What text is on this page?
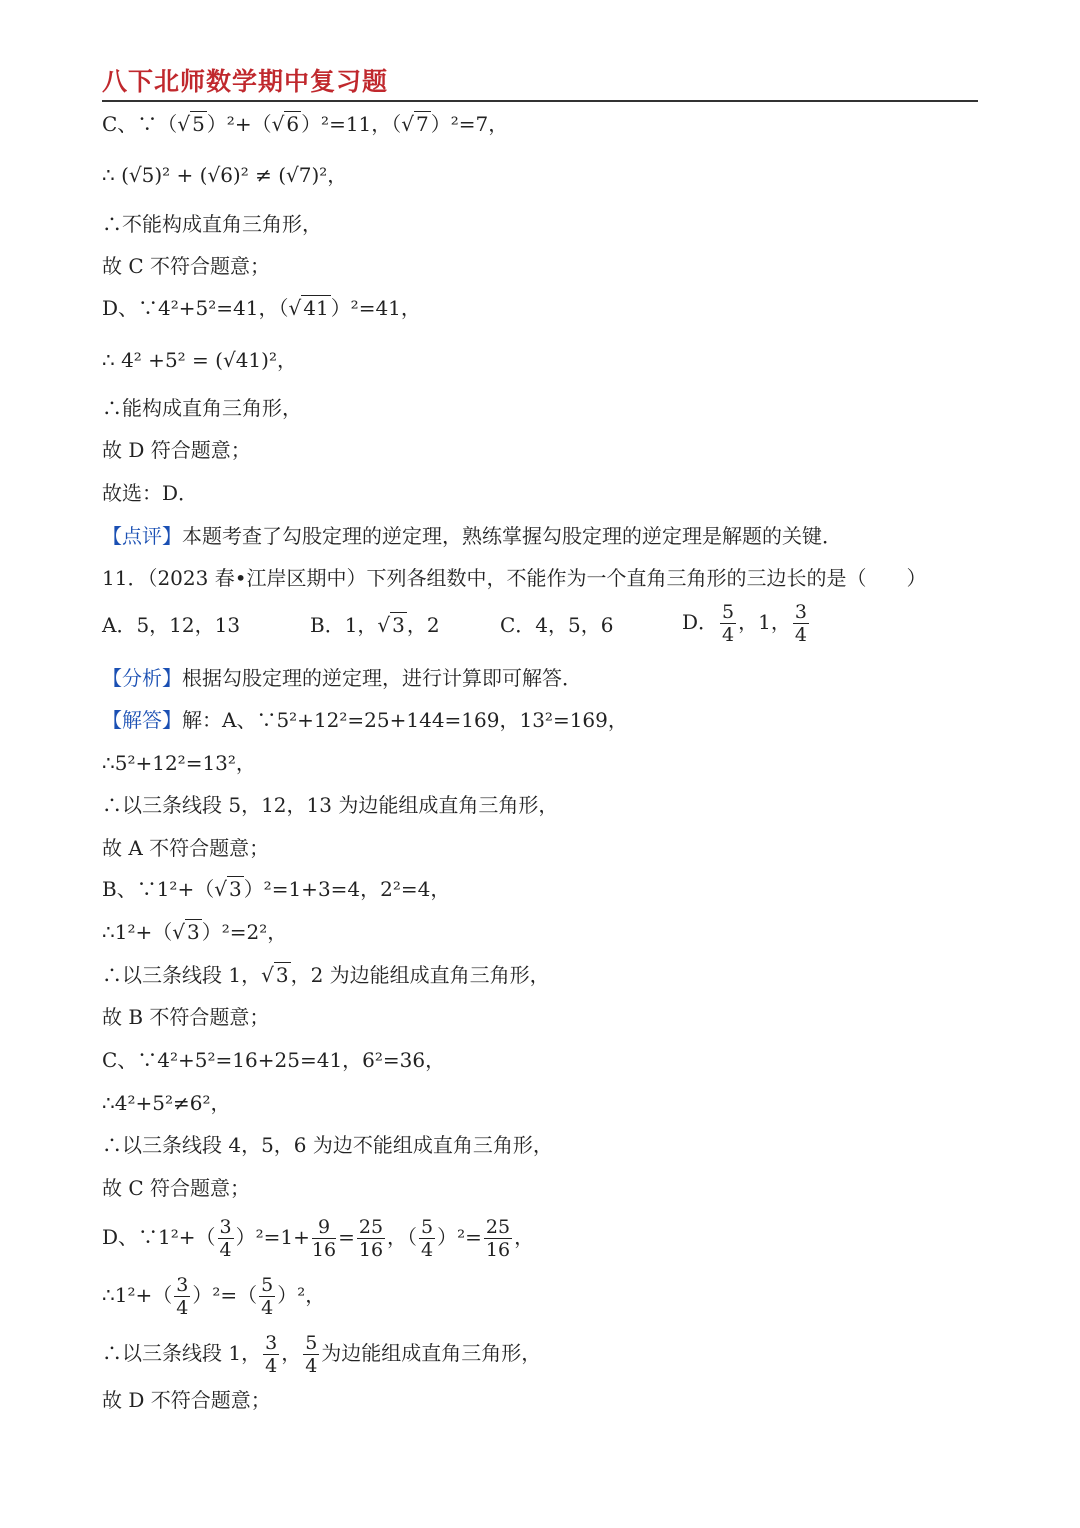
八下北师数学期中复习题
C、∵（√ 5 ）²+（√ 6 ）²=11，（√ 7 ）²=7，
∴ (√5)² + (√6)² ≠ (√7)²，
∴不能构成直角三角形，
故 C 不符合题意；
D、∵4²+5²=41，（√ 41 ）²=41，
∴ 4² +5² = (√41)²，
∴能构成直角三角形，
故 D 符合题意；
故选：D．
【点评】本题考查了勾股定理的逆定理，熟练掌握勾股定理的逆定理是解题的关键．
11．（2023 春•江岸区期中）下列各组数中，不能作为一个直角三角形的三边长的是（　　）
A．5，12，13	B．1，√ 3 ，2	C．4，5，6	D． $\frac{5}{4}$ ，1， $\frac{3}{4}$
【分析】根据勾股定理的逆定理，进行计算即可解答．
【解答】解：A、∵5²+12²=25+144=169，13²=169，
∴5²+12²=13²，
∴以三条线段 5，12，13 为边能组成直角三角形，
故 A 不符合题意；
B、∵1²+（√ 3 ）²=1+3=4，2²=4，
∴1²+（√ 3 ）²=2²，
∴以三条线段 1，√ 3 ，2 为边能组成直角三角形，
故 B 不符合题意；
C、∵4²+5²=16+25=41，6²=36，
∴4²+5²≠6²，
∴以三条线段 4，5，6 为边不能组成直角三角形，
故 C 符合题意；
D、∵1²+（ $\frac{3}{4} )^2=1+ \frac{9}{16} = \frac{25}{16}$ ，（ $\frac{5}{4} )^2= \frac{25}{16}$ ，
∴1²+（ $\frac{3}{4} )^2=( \frac{5}{4} )^2$，
∴以三条线段 1， $\frac{3}{4}$ ， $\frac{5}{4}$ 为边能组成直角三角形，
故 D 不符合题意；
